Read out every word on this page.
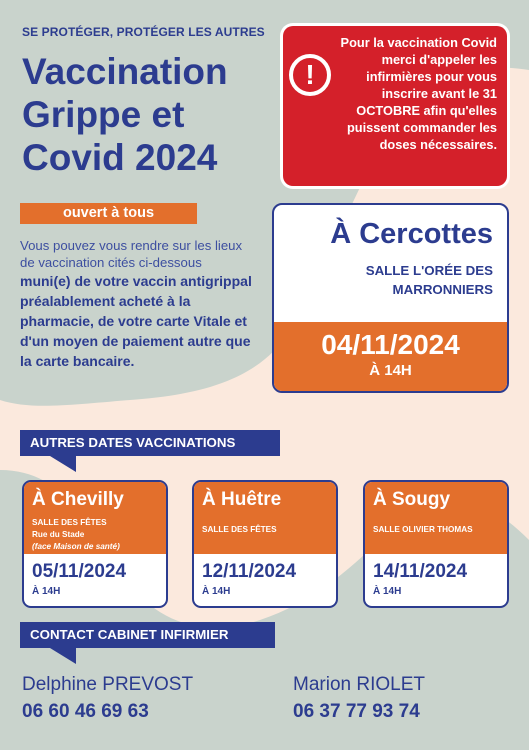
SE PROTÉGER, PROTÉGER LES AUTRES
Vaccination Grippe et Covid 2024
!
Pour la vaccination Covid merci d'appeler les infirmières pour vous inscrire avant le 31 OCTOBRE afin qu'elles puissent commander les doses nécessaires.
ouvert à tous
Vous pouvez vous rendre sur les lieux de vaccination cités ci-dessous
muni(e) de votre vaccin antigrippal préalablement acheté à la pharmacie, de votre carte Vitale et d'un moyen de paiement autre que la carte bancaire.
À Cercottes
SALLE L'ORÉE DES MARRONNIERS
04/11/2024
À 14H
AUTRES DATES VACCINATIONS
À Chevilly
SALLE DES FÊTES
Rue du Stade
(face Maison de santé)
05/11/2024
À 14H
À Huêtre
SALLE DES FÊTES
12/11/2024
À 14H
À Sougy
SALLE OLIVIER THOMAS
14/11/2024
À 14H
CONTACT CABINET INFIRMIER
Delphine PREVOST
06 60 46 69 63
Marion RIOLET
06 37 77 93 74
